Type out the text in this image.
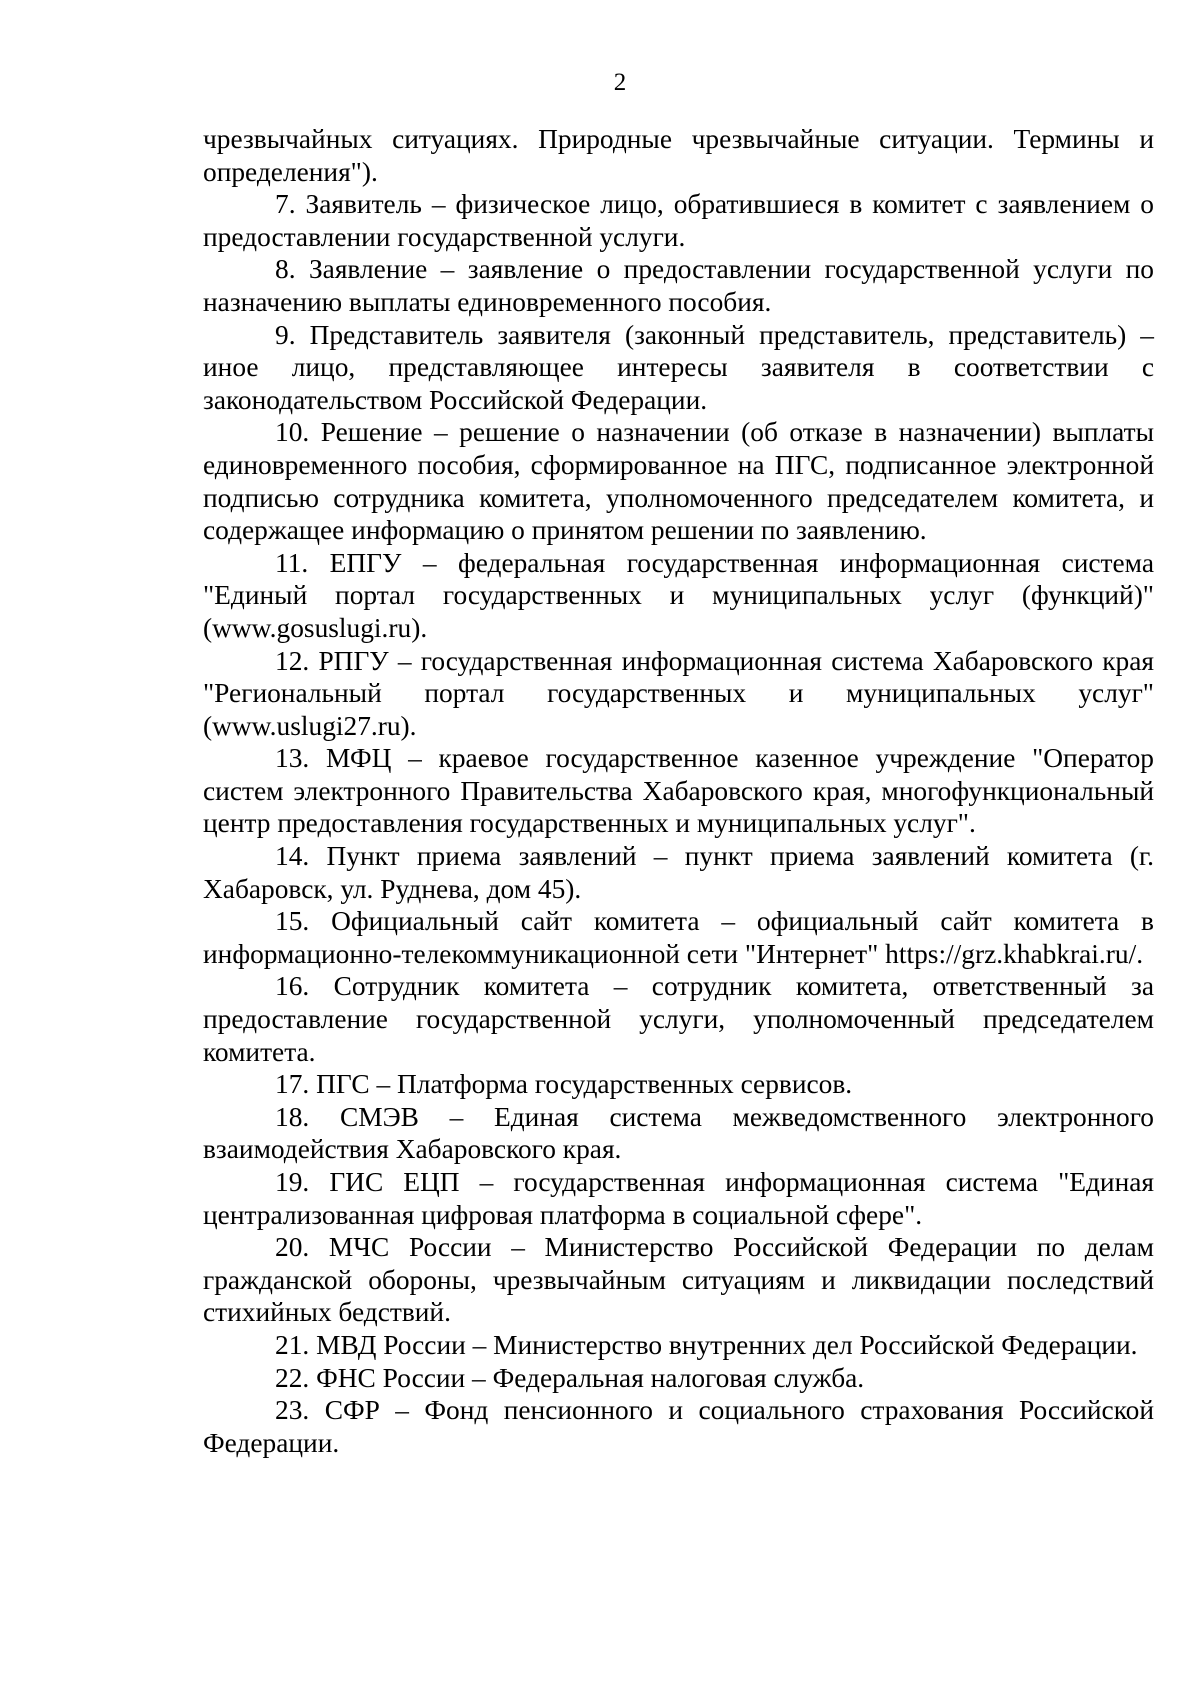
2

чрезвычайных ситуациях. Природные чрезвычайные ситуации. Термины и определения").

7. Заявитель – физическое лицо, обратившиеся в комитет с заявлением о предоставлении государственной услуги.

8. Заявление – заявление о предоставлении государственной услуги по назначению выплаты единовременного пособия.

9. Представитель заявителя (законный представитель, представитель) – иное лицо, представляющее интересы заявителя в соответствии с законодательством Российской Федерации.

10. Решение – решение о назначении (об отказе в назначении) выплаты единовременного пособия, сформированное на ПГС, подписанное электронной подписью сотрудника комитета, уполномоченного председателем комитета, и содержащее информацию о принятом решении по заявлению.

11. ЕПГУ – федеральная государственная информационная система "Единый портал государственных и муниципальных услуг (функций)" (www.gosuslugi.ru).

12. РПГУ – государственная информационная система Хабаровского края "Региональный портал государственных и муниципальных услуг" (www.uslugi27.ru).

13. МФЦ – краевое государственное казенное учреждение "Оператор систем электронного Правительства Хабаровского края, многофункциональный центр предоставления государственных и муниципальных услуг".

14. Пункт приема заявлений – пункт приема заявлений комитета (г. Хабаровск, ул. Руднева, дом 45).

15. Официальный сайт комитета – официальный сайт комитета в информационно-телекоммуникационной сети "Интернет" https://grz.khabkrai.ru/.

16. Сотрудник комитета – сотрудник комитета, ответственный за предоставление государственной услуги, уполномоченный председателем комитета.

17. ПГС – Платформа государственных сервисов.

18. СМЭВ – Единая система межведомственного электронного взаимодействия Хабаровского края.

19. ГИС ЕЦП – государственная информационная система "Единая централизованная цифровая платформа в социальной сфере".

20. МЧС России – Министерство Российской Федерации по делам гражданской обороны, чрезвычайным ситуациям и ликвидации последствий стихийных бедствий.

21. МВД России – Министерство внутренних дел Российской Федерации.

22. ФНС России – Федеральная налоговая служба.

23. СФР – Фонд пенсионного и социального страхования Российской Федерации.
